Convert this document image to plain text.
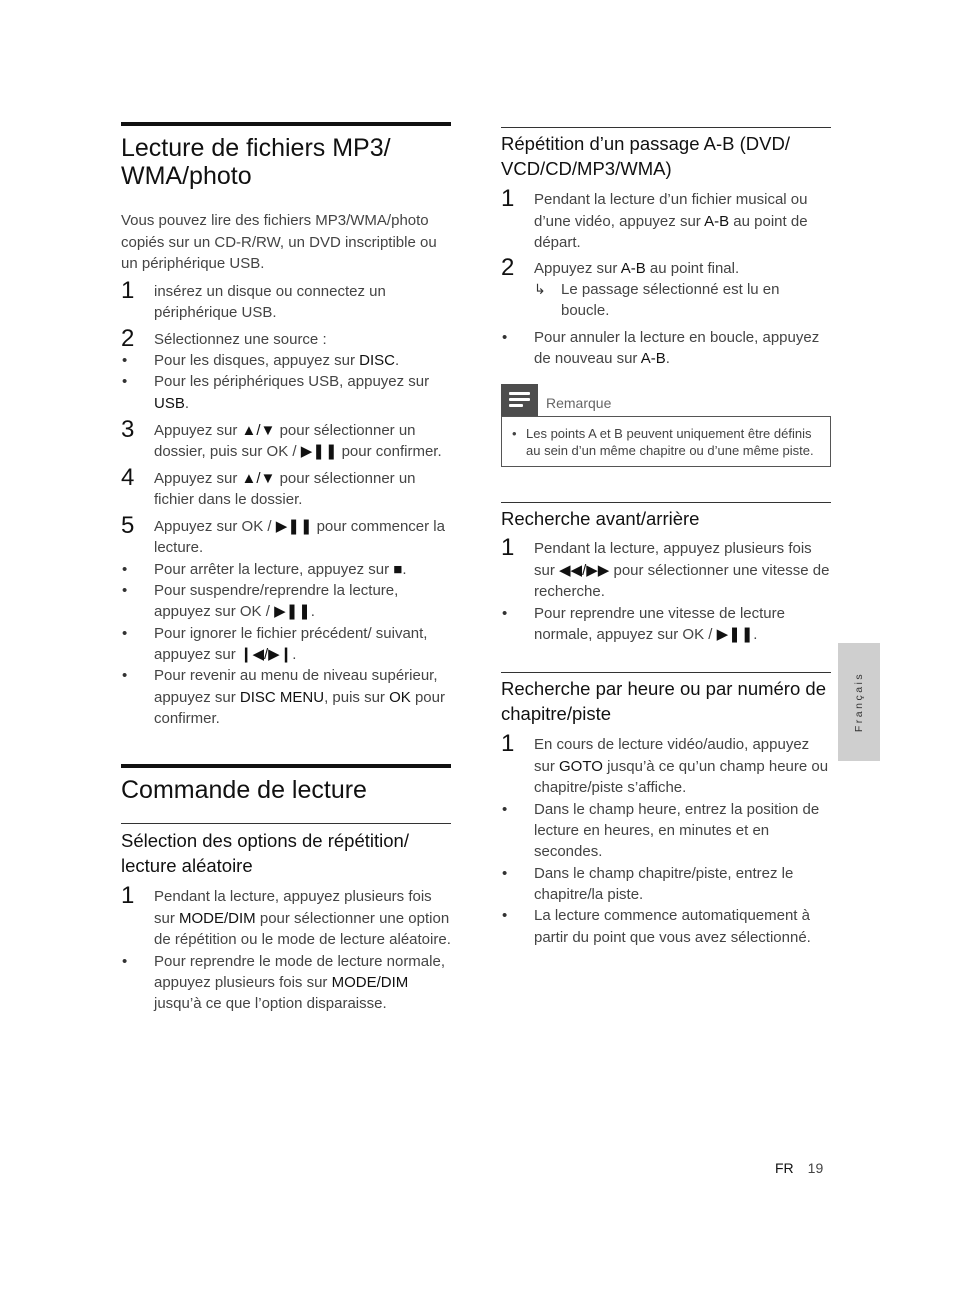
Lecture de fichiers MP3/ WMA/photo

Vous pouvez lire des fichiers MP3/WMA/photo copiés sur un CD-R/RW, un DVD inscriptible ou un périphérique USB.

1 insérez un disque ou connectez un périphérique USB.
2 Sélectionnez une source :
• Pour les disques, appuyez sur DISC.
• Pour les périphériques USB, appuyez sur USB.
3 Appuyez sur ▲/▼ pour sélectionner un dossier, puis sur OK / ▶❚❚ pour confirmer.
4 Appuyez sur ▲/▼ pour sélectionner un fichier dans le dossier.
5 Appuyez sur OK / ▶❚❚ pour commencer la lecture.
• Pour arrêter la lecture, appuyez sur ■.
• Pour suspendre/reprendre la lecture, appuyez sur OK / ▶❚❚.
• Pour ignorer le fichier précédent/ suivant, appuyez sur ❙◀/▶❙.
• Pour revenir au menu de niveau supérieur, appuyez sur DISC MENU, puis sur OK pour confirmer.
Commande de lecture
Sélection des options de répétition/ lecture aléatoire
1 Pendant la lecture, appuyez plusieurs fois sur MODE/DIM pour sélectionner une option de répétition ou le mode de lecture aléatoire.
• Pour reprendre le mode de lecture normale, appuyez plusieurs fois sur MODE/DIM jusqu’à ce que l’option disparaisse.
Répétition d’un passage A-B (DVD/ VCD/CD/MP3/WMA)
1 Pendant la lecture d’un fichier musical ou d’une vidéo, appuyez sur A-B au point de départ.
2 Appuyez sur A-B au point final.
↳ Le passage sélectionné est lu en boucle.
• Pour annuler la lecture en boucle, appuyez de nouveau sur A-B.
Remarque
• Les points A et B peuvent uniquement être définis au sein d’un même chapitre ou d’une même piste.
Recherche avant/arrière
1 Pendant la lecture, appuyez plusieurs fois sur ◀◀/▶▶ pour sélectionner une vitesse de recherche.
• Pour reprendre une vitesse de lecture normale, appuyez sur OK / ▶❚❚.
Recherche par heure ou par numéro de chapitre/piste
1 En cours de lecture vidéo/audio, appuyez sur GOTO jusqu’à ce qu’un champ heure ou chapitre/piste s’affiche.
• Dans le champ heure, entrez la position de lecture en heures, en minutes et en secondes.
• Dans le champ chapitre/piste, entrez le chapitre/la piste.
• La lecture commence automatiquement à partir du point que vous avez sélectionné.
Français
FR 19
